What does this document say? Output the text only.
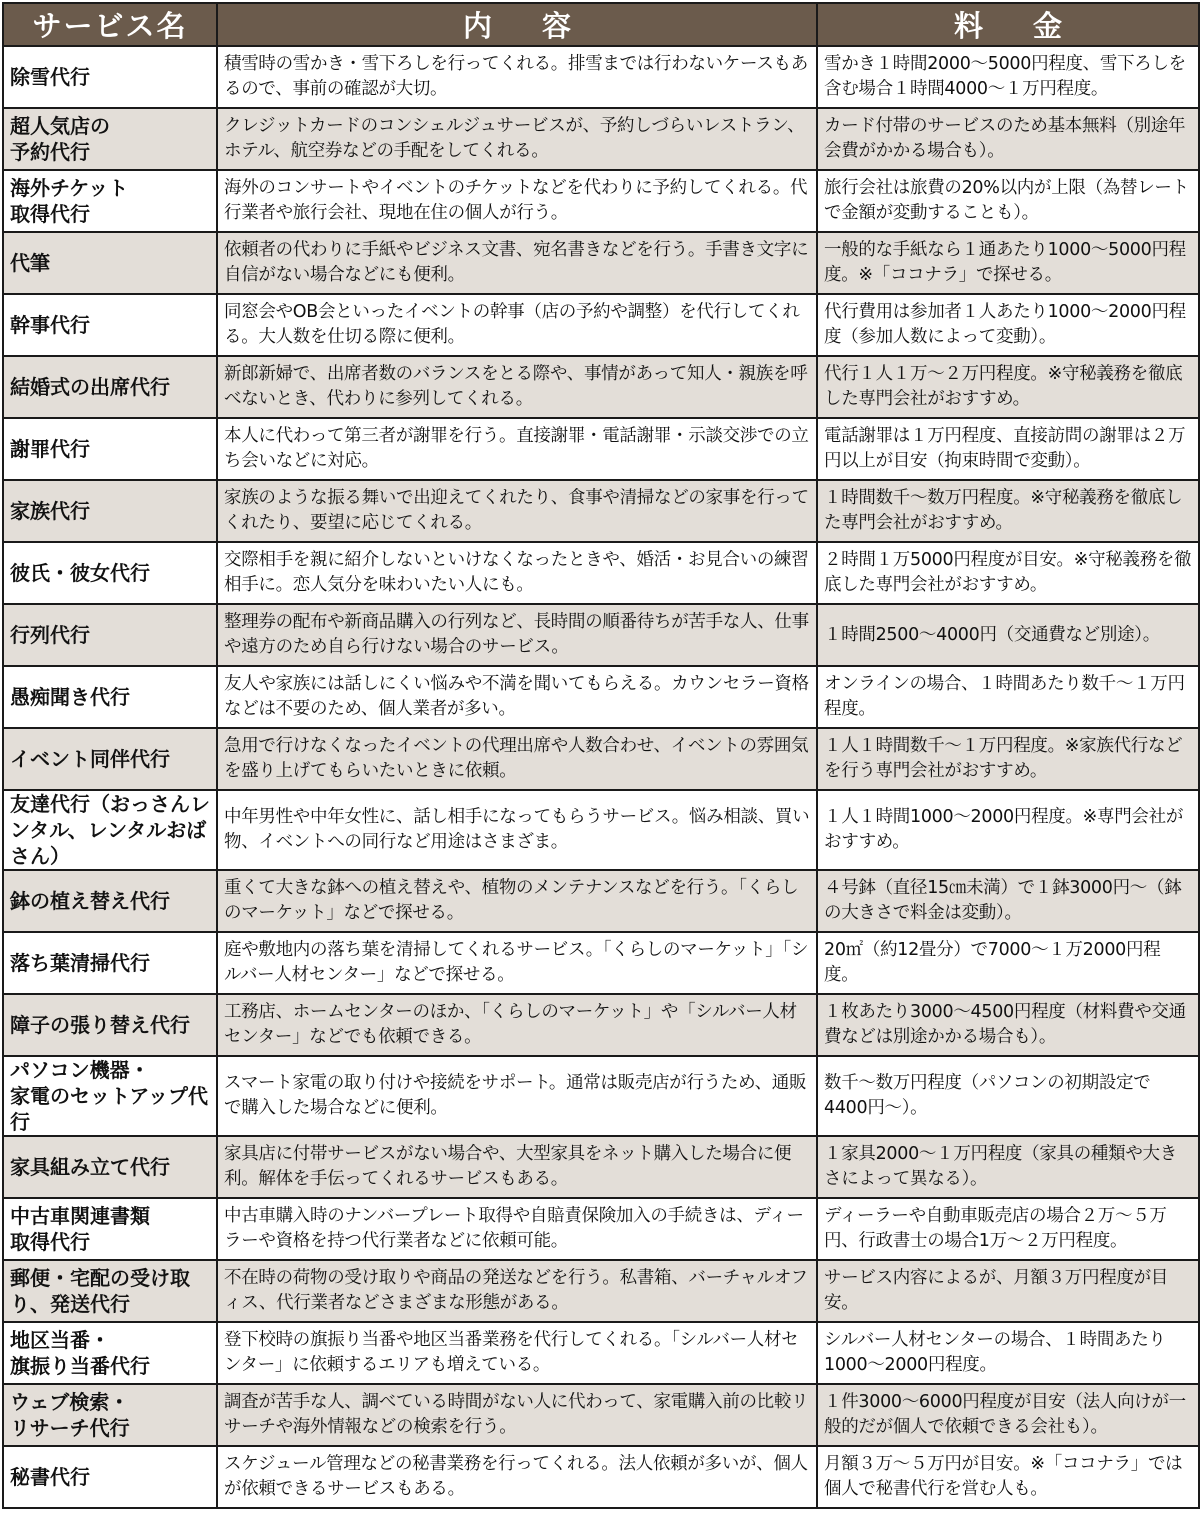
サービス名	内容	料金
除雪代行	積雪時の雪かき・雪下ろしを行ってくれる。排雪までは行わないケースもあるので、事前の確認が大切。	雪かき１時間2000〜5000円程度、雪下ろしを含む場合１時間4000〜１万円程度。
超人気店の
予約代行	クレジットカードのコンシェルジュサービスが、予約しづらいレストラン、ホテル、航空券などの手配をしてくれる。	カード付帯のサービスのため基本無料（別途年会費がかかる場合も）。
海外チケット
取得代行	海外のコンサートやイベントのチケットなどを代わりに予約してくれる。代行業者や旅行会社、現地在住の個人が行う。	旅行会社は旅費の20%以内が上限（為替レートで金額が変動することも）。
代筆	依頼者の代わりに手紙やビジネス文書、宛名書きなどを行う。手書き文字に自信がない場合などにも便利。	一般的な手紙なら１通あたり1000〜5000円程度。※「ココナラ」で探せる。
幹事代行	同窓会やOB会といったイベントの幹事（店の予約や調整）を代行してくれる。大人数を仕切る際に便利。	代行費用は参加者１人あたり1000〜2000円程度（参加人数によって変動）。
結婚式の出席代行	新郎新婦で、出席者数のバランスをとる際や、事情があって知人・親族を呼べないとき、代わりに参列してくれる。	代行１人１万〜２万円程度。※守秘義務を徹底した専門会社がおすすめ。
謝罪代行	本人に代わって第三者が謝罪を行う。直接謝罪・電話謝罪・示談交渉での立ち会いなどに対応。	電話謝罪は１万円程度、直接訪問の謝罪は２万円以上が目安（拘束時間で変動）。
家族代行	家族のような振る舞いで出迎えてくれたり、食事や清掃などの家事を行ってくれたり、要望に応じてくれる。	１時間数千〜数万円程度。※守秘義務を徹底した専門会社がおすすめ。
彼氏・彼女代行	交際相手を親に紹介しないといけなくなったときや、婚活・お見合いの練習相手に。恋人気分を味わいたい人にも。	２時間１万5000円程度が目安。※守秘義務を徹底した専門会社がおすすめ。
行列代行	整理券の配布や新商品購入の行列など、長時間の順番待ちが苦手な人、仕事や遠方のため自ら行けない場合のサービス。	１時間2500〜4000円（交通費など別途）。
愚痴聞き代行	友人や家族には話しにくい悩みや不満を聞いてもらえる。カウンセラー資格などは不要のため、個人業者が多い。	オンラインの場合、１時間あたり数千〜１万円程度。
イベント同伴代行	急用で行けなくなったイベントの代理出席や人数合わせ、イベントの雰囲気を盛り上げてもらいたいときに依頼。	１人１時間数千〜１万円程度。※家族代行などを行う専門会社がおすすめ。
友達代行（おっさんレンタル、レンタルおばさん）	中年男性や中年女性に、話し相手になってもらうサービス。悩み相談、買い物、イベントへの同行など用途はさまざま。	１人１時間1000〜2000円程度。※専門会社がおすすめ。
鉢の植え替え代行	重くて大きな鉢への植え替えや、植物のメンテナンスなどを行う。「くらしのマーケット」などで探せる。	４号鉢（直径15㎝未満）で１鉢3000円〜（鉢の大きさで料金は変動）。
落ち葉清掃代行	庭や敷地内の落ち葉を清掃してくれるサービス。「くらしのマーケット」「シルバー人材センター」などで探せる。	20㎡（約12畳分）で7000〜１万2000円程度。
障子の張り替え代行	工務店、ホームセンターのほか、「くらしのマーケット」や「シルバー人材センター」などでも依頼できる。	１枚あたり3000〜4500円程度（材料費や交通費などは別途かかる場合も）。
パソコン機器・
家電のセットアップ代行	スマート家電の取り付けや接続をサポート。通常は販売店が行うため、通販で購入した場合などに便利。	数千〜数万円程度（パソコンの初期設定で4400円〜）。
家具組み立て代行	家具店に付帯サービスがない場合や、大型家具をネット購入した場合に便利。解体を手伝ってくれるサービスもある。	１家具2000〜１万円程度（家具の種類や大きさによって異なる）。
中古車関連書類
取得代行	中古車購入時のナンバープレート取得や自賠責保険加入の手続きは、ディーラーや資格を持つ代行業者などに依頼可能。	ディーラーや自動車販売店の場合２万〜５万円、行政書士の場合1万〜２万円程度。
郵便・宅配の受け取り、発送代行	不在時の荷物の受け取りや商品の発送などを行う。私書箱、バーチャルオフィス、代行業者などさまざまな形態がある。	サービス内容によるが、月額３万円程度が目安。
地区当番・
旗振り当番代行	登下校時の旗振り当番や地区当番業務を代行してくれる。「シルバー人材センター」に依頼するエリアも増えている。	シルバー人材センターの場合、１時間あたり1000〜2000円程度。
ウェブ検索・
リサーチ代行	調査が苦手な人、調べている時間がない人に代わって、家電購入前の比較リサーチや海外情報などの検索を行う。	１件3000〜6000円程度が目安（法人向けが一般的だが個人で依頼できる会社も）。
秘書代行	スケジュール管理などの秘書業務を行ってくれる。法人依頼が多いが、個人が依頼できるサービスもある。	月額３万〜５万円が目安。※「ココナラ」では個人で秘書代行を営む人も。
